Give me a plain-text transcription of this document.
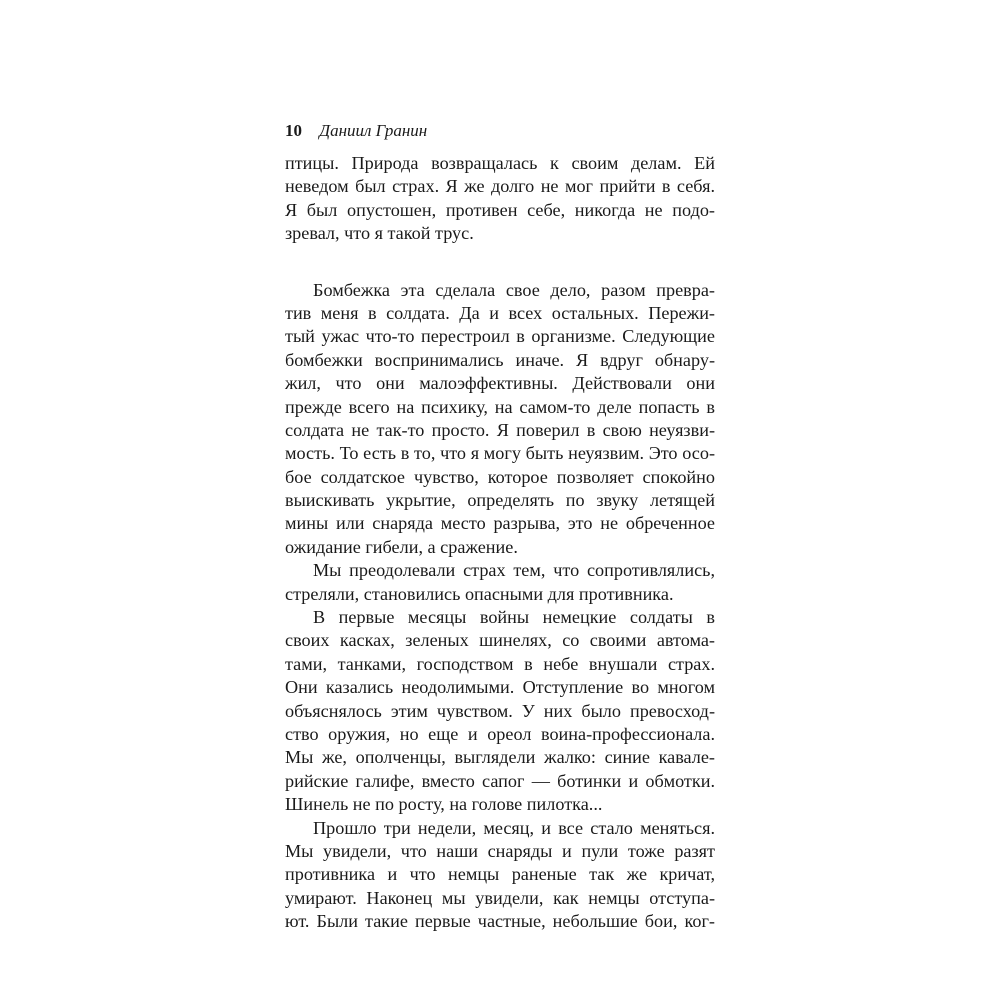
10 Даниил Гранин

птицы. Природа возвращалась к своим делам. Ей
неведом был страх. Я же долго не мог прийти в себя.
Я был опустошен, противен себе, никогда не подо-
зревал, что я такой трус.

Бомбежка эта сделала свое дело, разом преврa-
тив меня в солдата. Да и всех остальных. Пережи-
тый ужас что-то перестроил в организме. Следующие
бомбежки воспринимались иначе. Я вдруг обнару-
жил, что они малоэффективны. Действовали они
прежде всего на психику, на самом-то деле попасть в
солдата не так-то просто. Я поверил в свою неуязви-
мость. То есть в то, что я могу быть неуязвим. Это осо-
бое солдатское чувство, которое позволяет спокойно
выискивать укрытие, определять по звуку летящей
мины или снаряда место разрыва, это не обреченное
ожидание гибели, а сражение.

Мы преодолевали страх тем, что сопротивлялись,
стреляли, становились опасными для противника.

В первые месяцы войны немецкие солдаты в
своих касках, зеленых шинелях, со своими автома-
тами, танками, господством в небе внушали страх.
Они казались неодолимыми. Отступление во многом
объяснялось этим чувством. У них было превосход-
ство оружия, но еще и ореол воина-профессионала.
Мы же, ополченцы, выглядели жалко: синие кавале-
рийские галифе, вместо сапог — ботинки и обмотки.
Шинель не по росту, на голове пилотка...

Прошло три недели, месяц, и все стало меняться.
Мы увидели, что наши снаряды и пули тоже разят
противника и что немцы раненые так же кричат,
умирают. Наконец мы увидели, как немцы отступа-
ют. Были такие первые частные, небольшие бои, ког-
